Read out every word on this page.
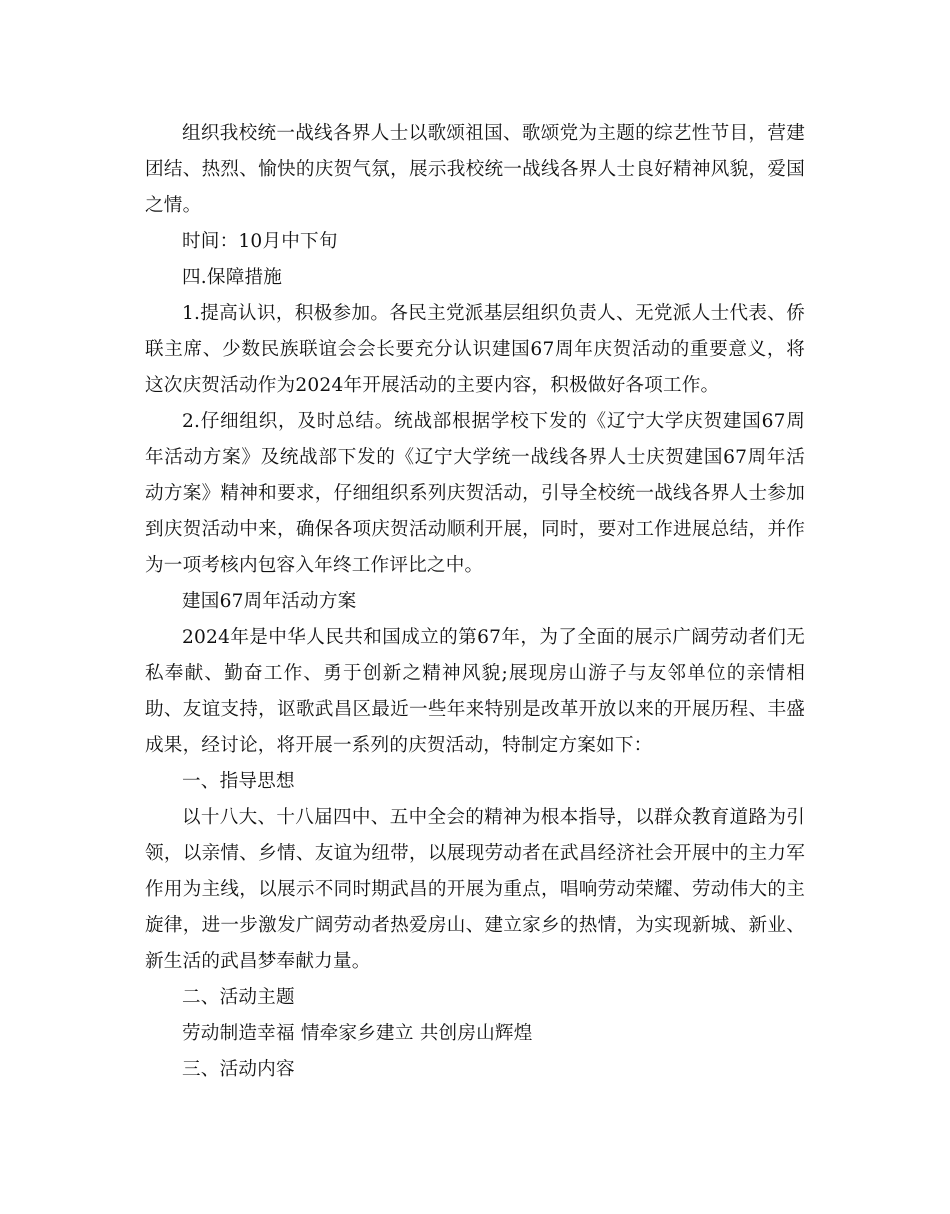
组织我校统一战线各界人士以歌颂祖国、歌颂党为主题的综艺性节目，营建团结、热烈、愉快的庆贺气氛，展示我校统一战线各界人士良好精神风貌，爱国之情。

时间：10月中下旬

四.保障措施

1.提高认识，积极参加。各民主党派基层组织负责人、无党派人士代表、侨联主席、少数民族联谊会会长要充分认识建国67周年庆贺活动的重要意义，将这次庆贺活动作为2024年开展活动的主要内容，积极做好各项工作。

2.仔细组织，及时总结。统战部根据学校下发的《辽宁大学庆贺建国67周年活动方案》及统战部下发的《辽宁大学统一战线各界人士庆贺建国67周年活动方案》精神和要求，仔细组织系列庆贺活动，引导全校统一战线各界人士参加到庆贺活动中来，确保各项庆贺活动顺利开展，同时，要对工作进展总结，并作为一项考核内包容入年终工作评比之中。

建国67周年活动方案

2024年是中华人民共和国成立的第67年，为了全面的展示广阔劳动者们无私奉献、勤奋工作、勇于创新之精神风貌;展现房山游子与友邻单位的亲情相助、友谊支持，讴歌武昌区最近一些年来特别是改革开放以来的开展历程、丰盛成果，经讨论，将开展一系列的庆贺活动，特制定方案如下：

一、指导思想

以十八大、十八届四中、五中全会的精神为根本指导，以群众教育道路为引领，以亲情、乡情、友谊为纽带，以展现劳动者在武昌经济社会开展中的主力军作用为主线，以展示不同时期武昌的开展为重点，唱响劳动荣耀、劳动伟大的主旋律，进一步激发广阔劳动者热爱房山、建立家乡的热情，为实现新城、新业、新生活的武昌梦奉献力量。

二、活动主题

劳动制造幸福 情牵家乡建立 共创房山辉煌

三、活动内容
